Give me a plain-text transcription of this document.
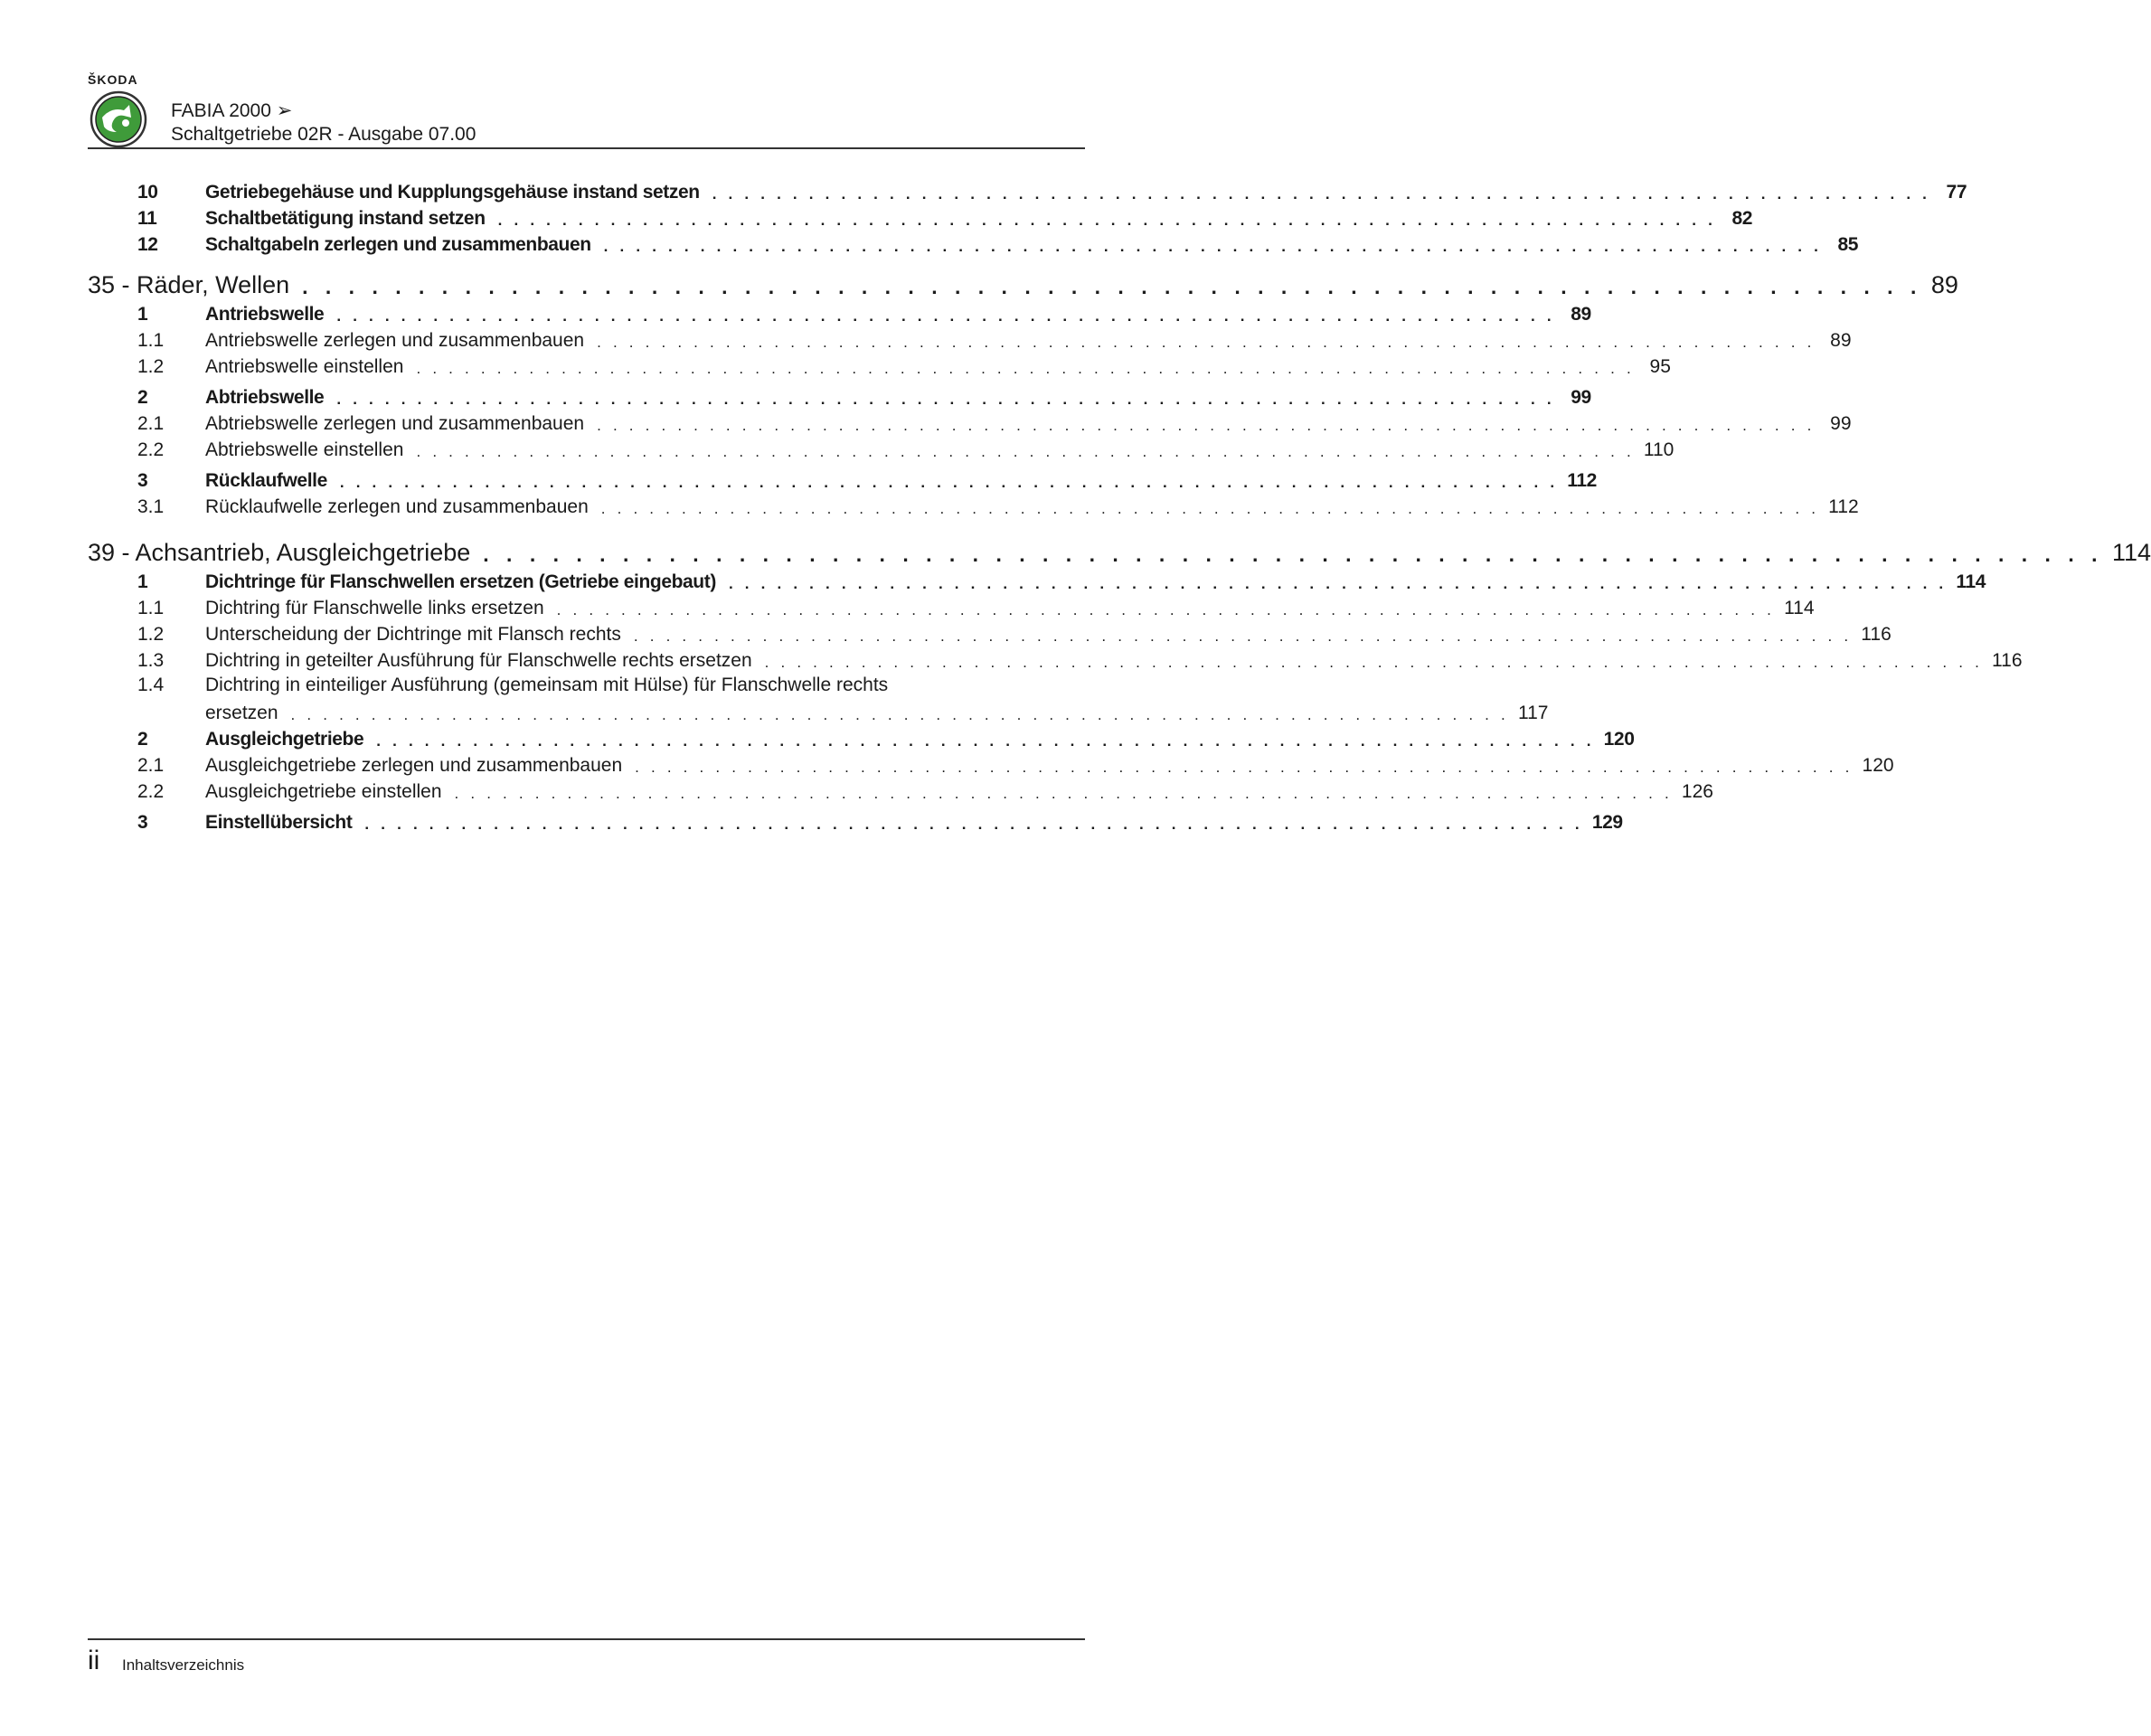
ŠKODA
FABIA 2000 ➢
Schaltgetriebe 02R - Ausgabe 07.00
10	Getriebegehäuse und Kupplungsgehäuse instand setzen . . . . . . . . . . . . . . . . . . . . . . . . . . . . . . . . . . . . . . . . . . . . . . . . . . . . . . . . . . . . . . . . . . . . . . . . . . . . 77
11	Schaltbetätigung instand setzen . . . . . . . . . . . . . . . . . . . . . . . . . . . . . . . . . . . . . . . . . . . . . . . . . . . . . . . . . . . . . . . . . . . . . . . . . . . . 82
12	Schaltgabeln zerlegen und zusammenbauen . . . . . . . . . . . . . . . . . . . . . . . . . . . . . . . . . . . . . . . . . . . . . . . . . . . . . . . . . . . . . . . . . . . . . . . . . . . . 85
35 - Räder, Wellen . . . . . . . . . . . . . . . . . . . . . . . . . . . . . . . . . . . . . . . . . . . . . . . . . . . . . . . . . . . . . . . . . . . . . . 89
1	Antriebswelle . . . . . . . . . . . . . . . . . . . . . . . . . . . . . . . . . . . . . . . . . . . . . . . . . . . . . . . . . . . . . . . . . . . . . . . . . . . . 89
1.1	Antriebswelle zerlegen und zusammenbauen . . . . . . . . . . . . . . . . . . . . . . . . . . . . . . . . . . . . . . . . . . . . . . . . . . . . . . . . . . . . . . . . . . . . . . . . . . . . 89
1.2	Antriebswelle einstellen . . . . . . . . . . . . . . . . . . . . . . . . . . . . . . . . . . . . . . . . . . . . . . . . . . . . . . . . . . . . . . . . . . . . . . . . . . . . 95
2	Abtriebswelle . . . . . . . . . . . . . . . . . . . . . . . . . . . . . . . . . . . . . . . . . . . . . . . . . . . . . . . . . . . . . . . . . . . . . . . . . . . . 99
2.1	Abtriebswelle zerlegen und zusammenbauen . . . . . . . . . . . . . . . . . . . . . . . . . . . . . . . . . . . . . . . . . . . . . . . . . . . . . . . . . . . . . . . . . . . . . . . . . . . . 99
2.2	Abtriebswelle einstellen . . . . . . . . . . . . . . . . . . . . . . . . . . . . . . . . . . . . . . . . . . . . . . . . . . . . . . . . . . . . . . . . . . . . . . . . . . . . 110
3	Rücklaufwelle . . . . . . . . . . . . . . . . . . . . . . . . . . . . . . . . . . . . . . . . . . . . . . . . . . . . . . . . . . . . . . . . . . . . . . . . . . . . 112
3.1	Rücklaufwelle zerlegen und zusammenbauen . . . . . . . . . . . . . . . . . . . . . . . . . . . . . . . . . . . . . . . . . . . . . . . . . . . . . . . . . . . . . . . . . . . . . . . . . . . . 112
39 - Achsantrieb, Ausgleichgetriebe . . . . . . . . . . . . . . . . . . . . . . . . . . . . . . . . . . . . . . . . . . . . . . . . . . . . . . . . . . . . . . . . . . . . . . 114
1	Dichtringe für Flanschwellen ersetzen (Getriebe eingebaut) . . . . . . . . . . . . . . . . . . . . . . . . . . . . . . . . . . . . . . . . . . . . . . . . . . . . . . . . . . . . . . . . . . . . . . . . . . . . 114
1.1	Dichtring für Flanschwelle links ersetzen . . . . . . . . . . . . . . . . . . . . . . . . . . . . . . . . . . . . . . . . . . . . . . . . . . . . . . . . . . . . . . . . . . . . . . . . . . . . 114
1.2	Unterscheidung der Dichtringe mit Flansch rechts . . . . . . . . . . . . . . . . . . . . . . . . . . . . . . . . . . . . . . . . . . . . . . . . . . . . . . . . . . . . . . . . . . . . . . . . . . . . 116
1.3	Dichtring in geteilter Ausführung für Flanschwelle rechts ersetzen . . . . . . . . . . . . . . . . . . . . . . . . . . . . . . . . . . . . . . . . . . . . . . . . . . . . . . . . . . . . . . . . . . . . . . . . . . . . 116
1.4	Dichtring in einteiliger Ausführung (gemeinsam mit Hülse) für Flanschwelle rechts
ersetzen . . . . . . . . . . . . . . . . . . . . . . . . . . . . . . . . . . . . . . . . . . . . . . . . . . . . . . . . . . . . . . . . . . . . . . . . . . . . 117
2	Ausgleichgetriebe . . . . . . . . . . . . . . . . . . . . . . . . . . . . . . . . . . . . . . . . . . . . . . . . . . . . . . . . . . . . . . . . . . . . . . . . . . . . 120
2.1	Ausgleichgetriebe zerlegen und zusammenbauen . . . . . . . . . . . . . . . . . . . . . . . . . . . . . . . . . . . . . . . . . . . . . . . . . . . . . . . . . . . . . . . . . . . . . . . . . . . . 120
2.2	Ausgleichgetriebe einstellen . . . . . . . . . . . . . . . . . . . . . . . . . . . . . . . . . . . . . . . . . . . . . . . . . . . . . . . . . . . . . . . . . . . . . . . . . . . . 126
3	Einstellübersicht . . . . . . . . . . . . . . . . . . . . . . . . . . . . . . . . . . . . . . . . . . . . . . . . . . . . . . . . . . . . . . . . . . . . . . . . . . . . 129
ii Inhaltsverzeichnis
